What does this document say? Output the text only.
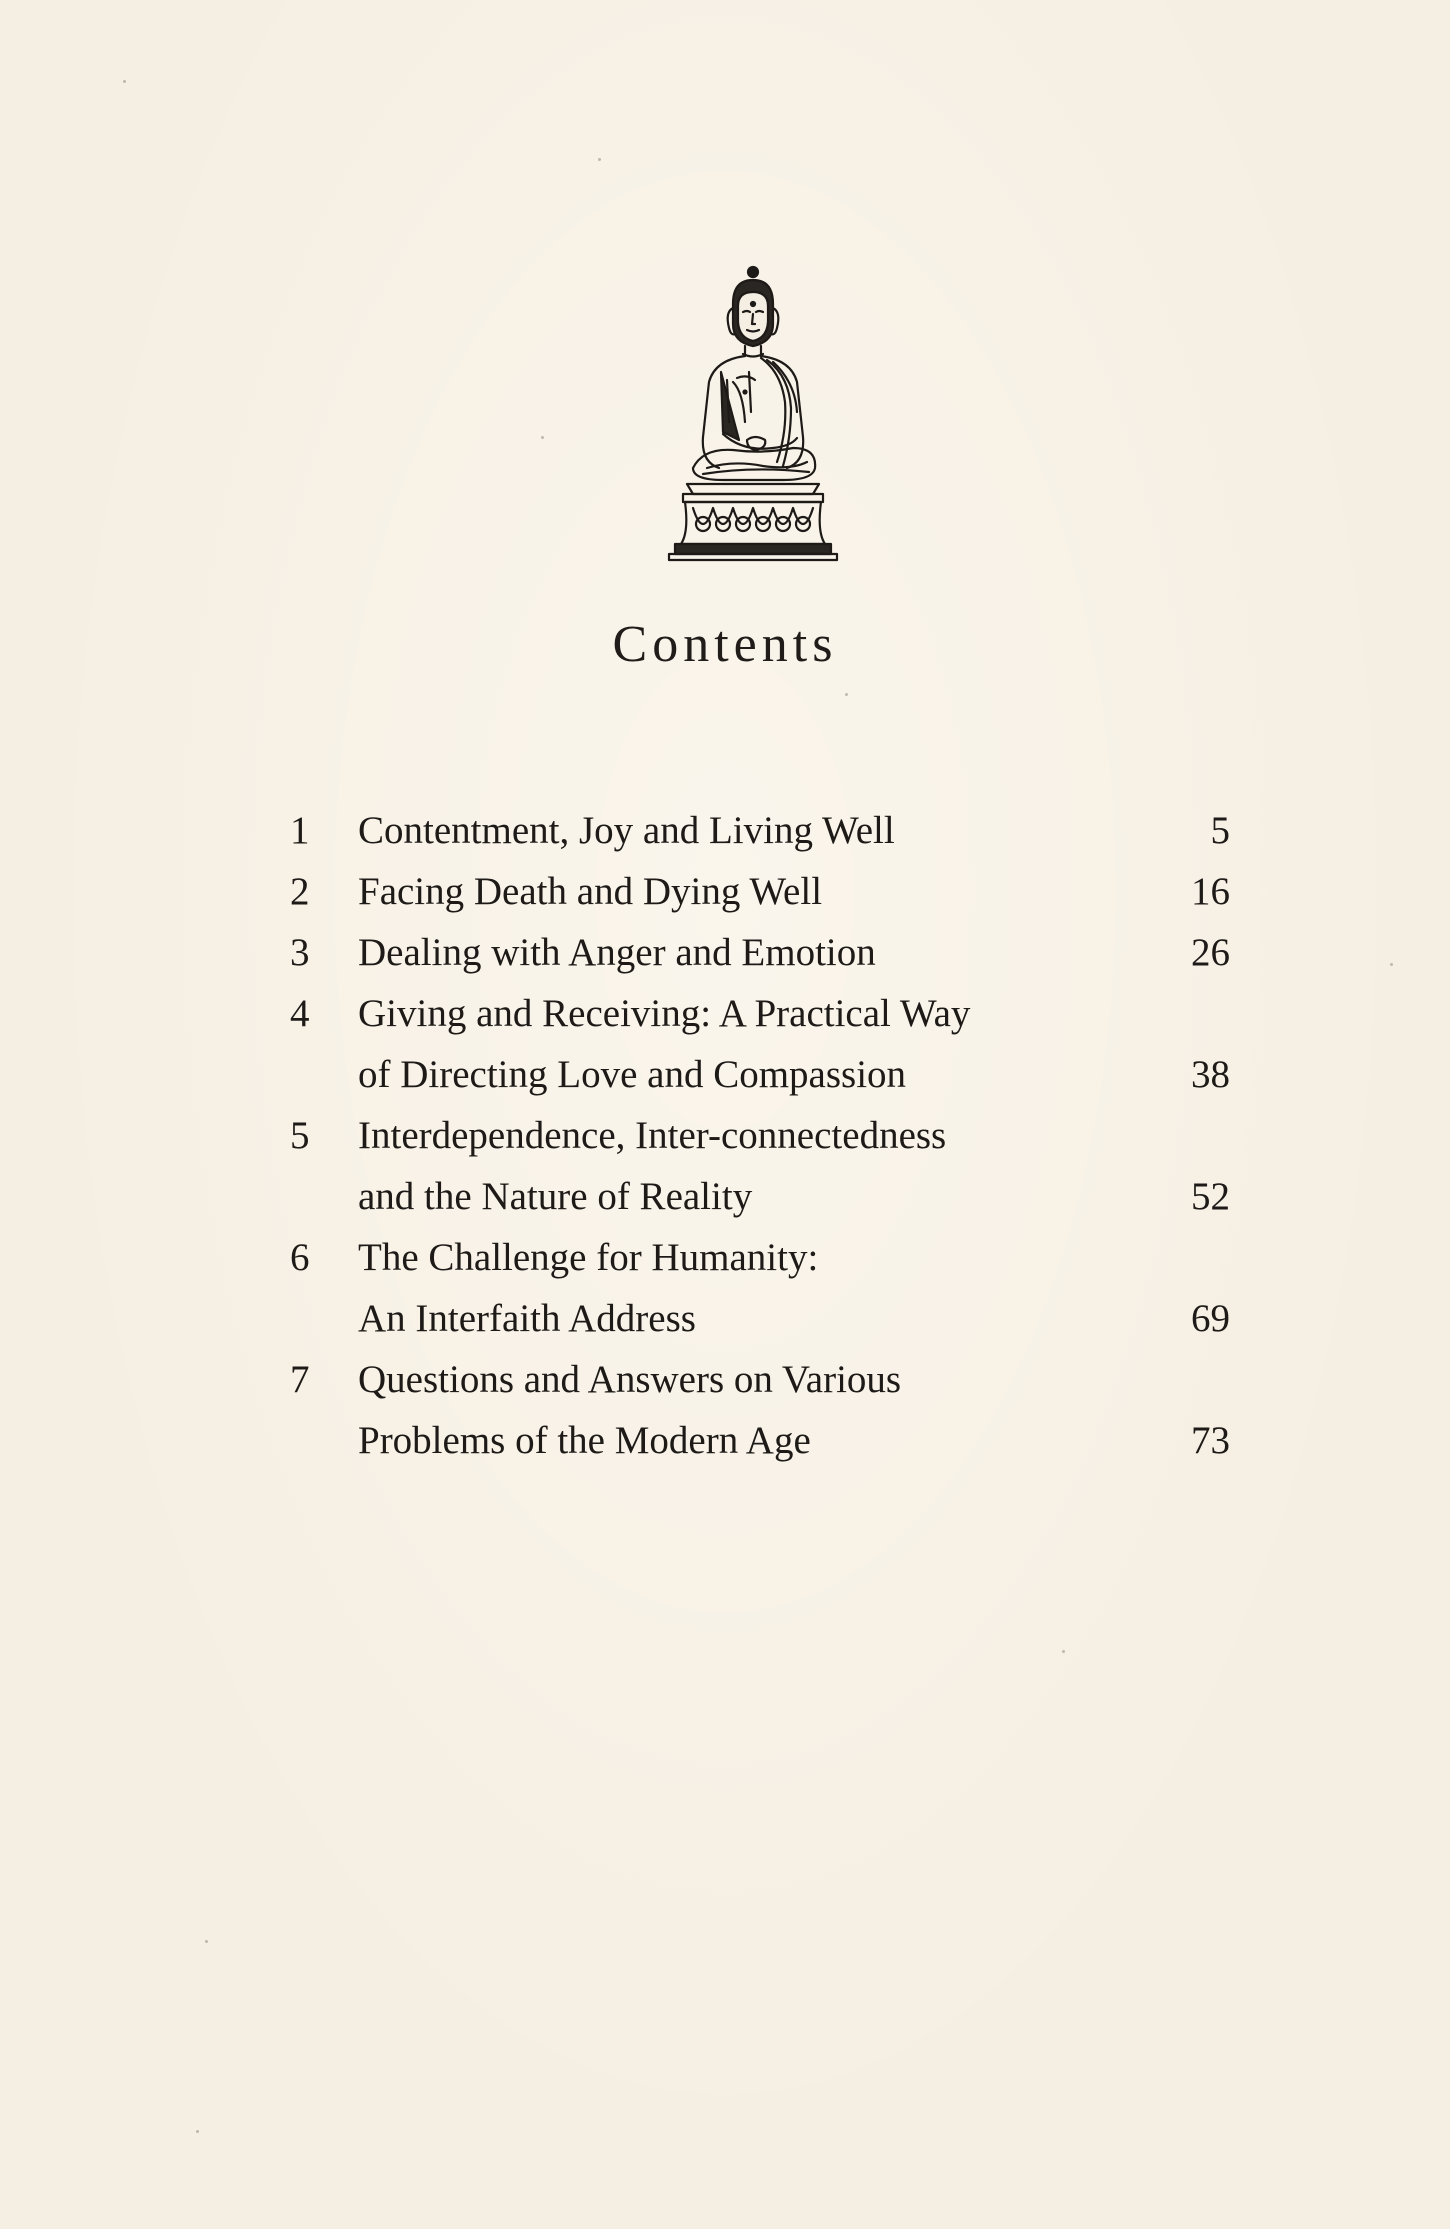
Contents
1 Contentment, Joy and Living Well	5
2 Facing Death and Dying Well	16
3 Dealing with Anger and Emotion	26
4 Giving and Receiving: A Practical Way
of Directing Love and Compassion	38
5 Interdependence, Inter-connectedness
and the Nature of Reality	52
6 The Challenge for Humanity:
An Interfaith Address	69
7 Questions and Answers on Various
Problems of the Modern Age	73
